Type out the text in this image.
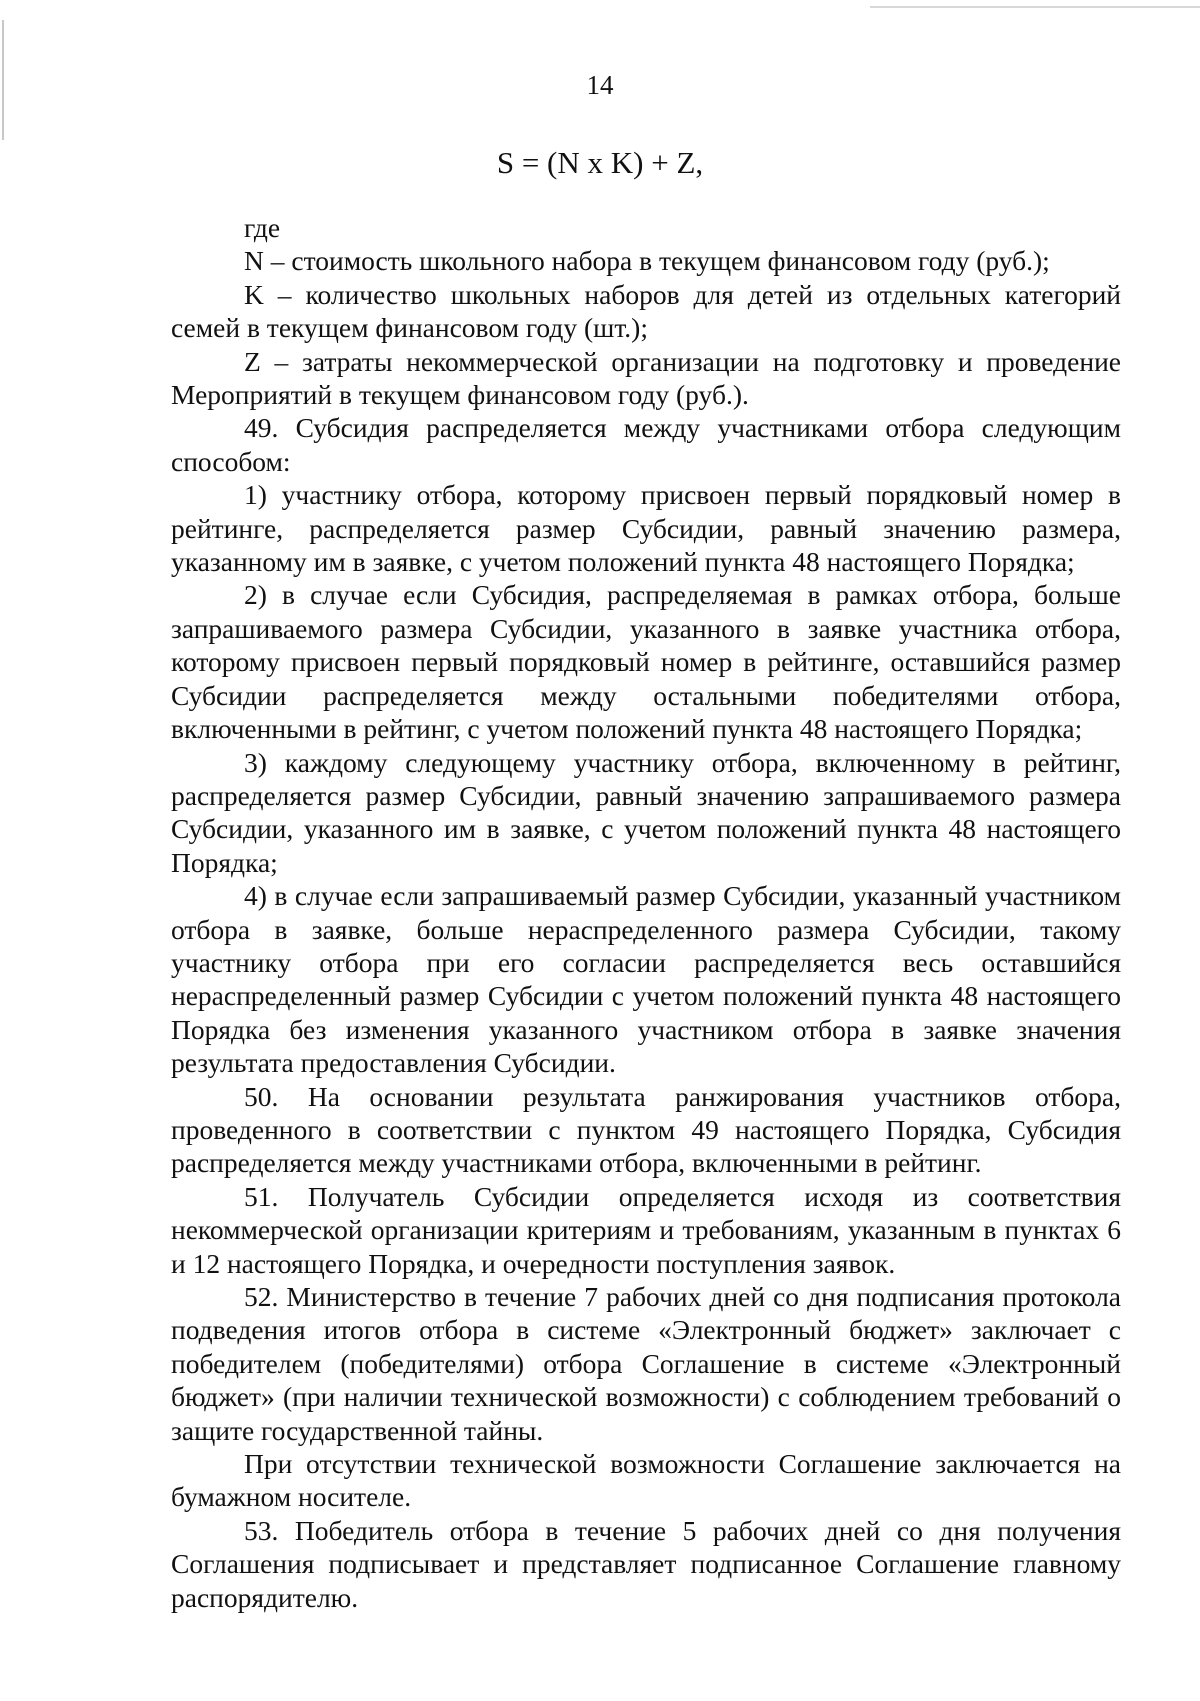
14
S = (N x K) + Z,

где

N – стоимость школьного набора в текущем финансовом году (руб.);

K – количество школьных наборов для детей из отдельных категорий семей в текущем финансовом году (шт.);

Z – затраты некоммерческой организации на подготовку и проведение Мероприятий в текущем финансовом году (руб.).

49. Субсидия распределяется между участниками отбора следующим способом:

1) участнику отбора, которому присвоен первый порядковый номер в рейтинге, распределяется размер Субсидии, равный значению размера, указанному им в заявке, с учетом положений пункта 48 настоящего Порядка;

2) в случае если Субсидия, распределяемая в рамках отбора, больше запрашиваемого размера Субсидии, указанного в заявке участника отбора, которому присвоен первый порядковый номер в рейтинге, оставшийся размер Субсидии распределяется между остальными победителями отбора, включенными в рейтинг, с учетом положений пункта 48 настоящего Порядка;

3) каждому следующему участнику отбора, включенному в рейтинг, распределяется размер Субсидии, равный значению запрашиваемого размера Субсидии, указанного им в заявке, с учетом положений пункта 48 настоящего Порядка;

4) в случае если запрашиваемый размер Субсидии, указанный участником отбора в заявке, больше нераспределенного размера Субсидии, такому участнику отбора при его согласии распределяется весь оставшийся нераспределенный размер Субсидии с учетом положений пункта 48 настоящего Порядка без изменения указанного участником отбора в заявке значения результата предоставления Субсидии.

50. На основании результата ранжирования участников отбора, проведенного в соответствии с пунктом 49 настоящего Порядка, Субсидия распределяется между участниками отбора, включенными в рейтинг.

51. Получатель Субсидии определяется исходя из соответствия некоммерческой организации критериям и требованиям, указанным в пунктах 6 и 12 настоящего Порядка, и очередности поступления заявок.

52. Министерство в течение 7 рабочих дней со дня подписания протокола подведения итогов отбора в системе «Электронный бюджет» заключает с победителем (победителями) отбора Соглашение в системе «Электронный бюджет» (при наличии технической возможности) с соблюдением требований о защите государственной тайны.

При отсутствии технической возможности Соглашение заключается на бумажном носителе.

53. Победитель отбора в течение 5 рабочих дней со дня получения Соглашения подписывает и представляет подписанное Соглашение главному распорядителю.
